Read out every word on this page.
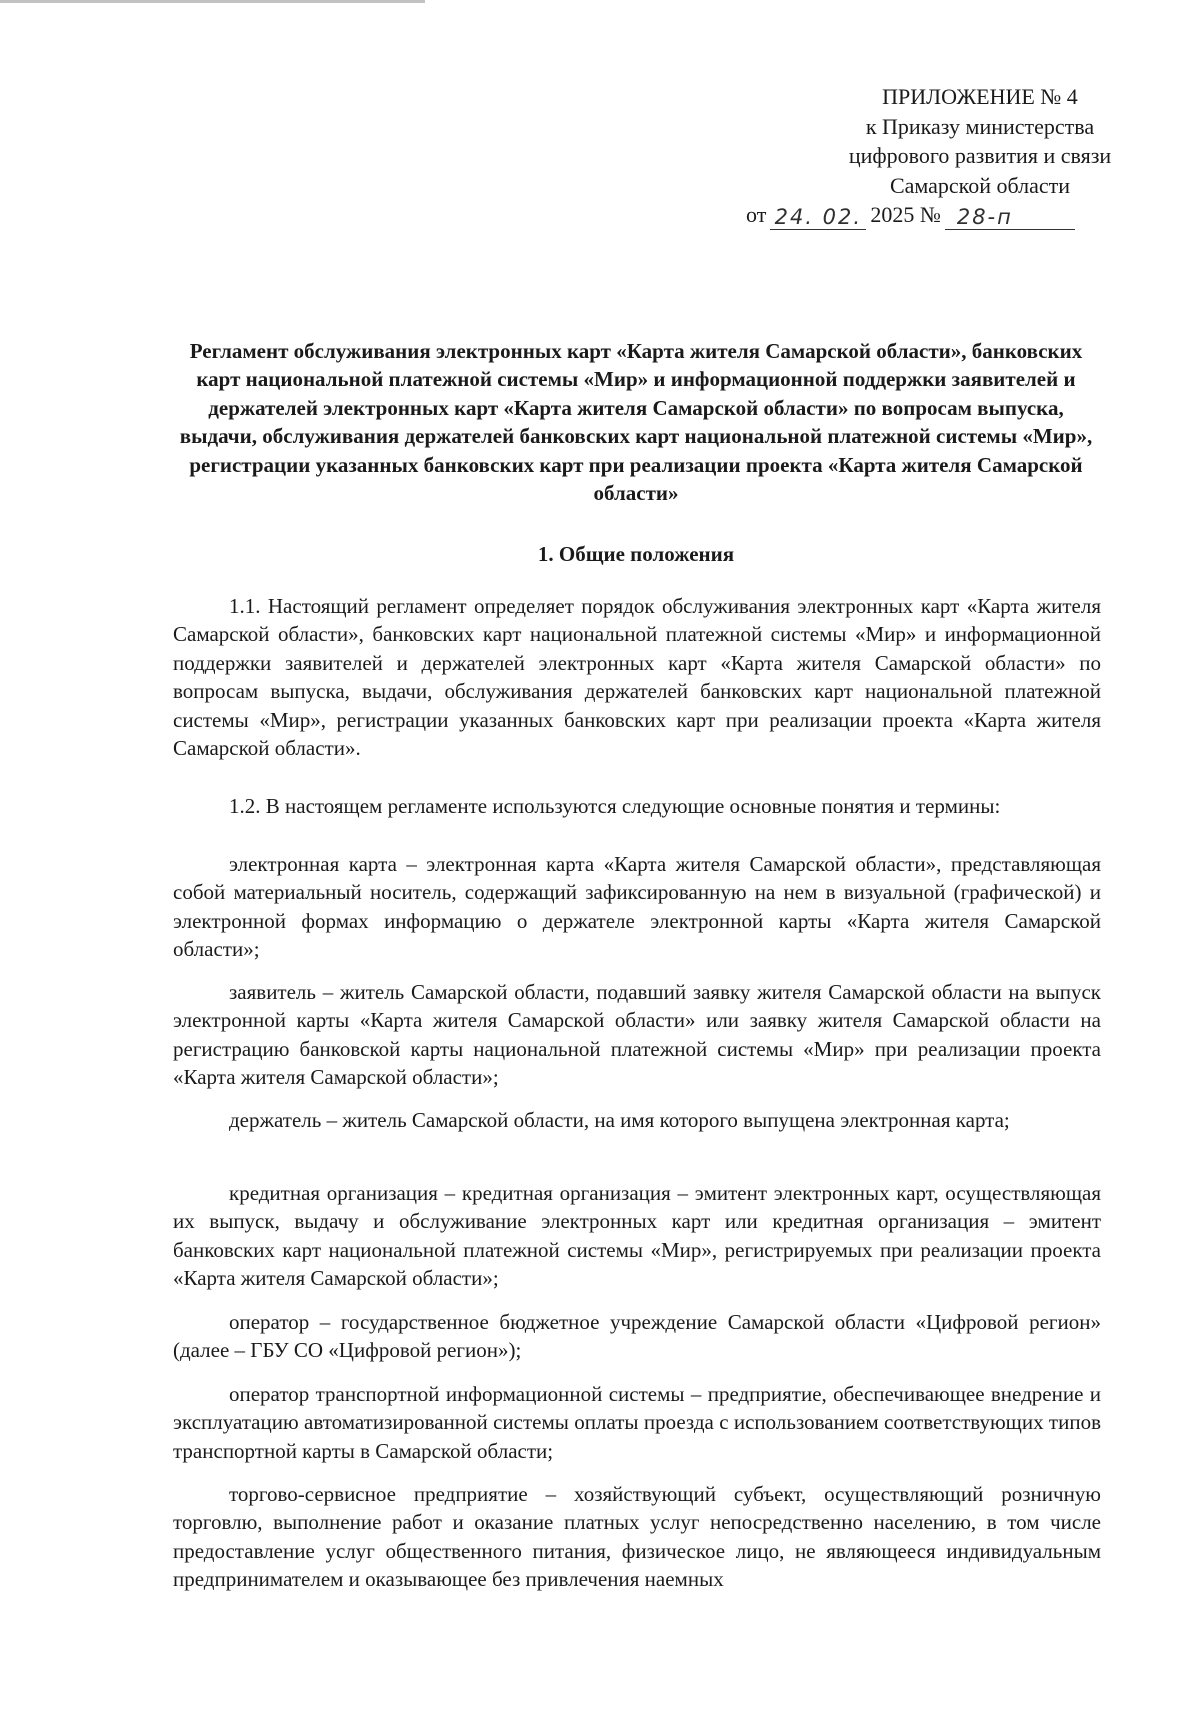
ПРИЛОЖЕНИЕ № 4
к Приказу министерства
цифрового развития и связи
Самарской области
от 24. 02. 2025 № 28-п
Регламент обслуживания электронных карт «Карта жителя Самарской области», банковских карт национальной платежной системы «Мир» и информационной поддержки заявителей и держателей электронных карт «Карта жителя Самарской области» по вопросам выпуска, выдачи, обслуживания держателей банковских карт национальной платежной системы «Мир», регистрации указанных банковских карт при реализации проекта «Карта жителя Самарской области»
1. Общие положения

1.1. Настоящий регламент определяет порядок обслуживания электронных карт «Карта жителя Самарской области», банковских карт национальной платежной системы «Мир» и информационной поддержки заявителей и держателей электронных карт «Карта жителя Самарской области» по вопросам выпуска, выдачи, обслуживания держателей банковских карт национальной платежной системы «Мир», регистрации указанных банковских карт при реализации проекта «Карта жителя Самарской области».

1.2. В настоящем регламенте используются следующие основные понятия и термины:

электронная карта – электронная карта «Карта жителя Самарской области», представляющая собой материальный носитель, содержащий зафиксированную на нем в визуальной (графической) и электронной формах информацию о держателе электронной карты «Карта жителя Самарской области»;

заявитель – житель Самарской области, подавший заявку жителя Самарской области на выпуск электронной карты «Карта жителя Самарской области» или заявку жителя Самарской области на регистрацию банковской карты национальной платежной системы «Мир» при реализации проекта «Карта жителя Самарской области»;

держатель – житель Самарской области, на имя которого выпущена электронная карта;

кредитная организация – кредитная организация – эмитент электронных карт, осуществляющая их выпуск, выдачу и обслуживание электронных карт или кредитная организация – эмитент банковских карт национальной платежной системы «Мир», регистрируемых при реализации проекта «Карта жителя Самарской области»;

оператор – государственное бюджетное учреждение Самарской области «Цифровой регион» (далее – ГБУ СО «Цифровой регион»);

оператор транспортной информационной системы – предприятие, обеспечивающее внедрение и эксплуатацию автоматизированной системы оплаты проезда с использованием соответствующих типов транспортной карты в Самарской области;

торгово-сервисное предприятие – хозяйствующий субъект, осуществляющий розничную торговлю, выполнение работ и оказание платных услуг непосредственно населению, в том числе предоставление услуг общественного питания, физическое лицо, не являющееся индивидуальным предпринимателем и оказывающее без привлечения наемных
